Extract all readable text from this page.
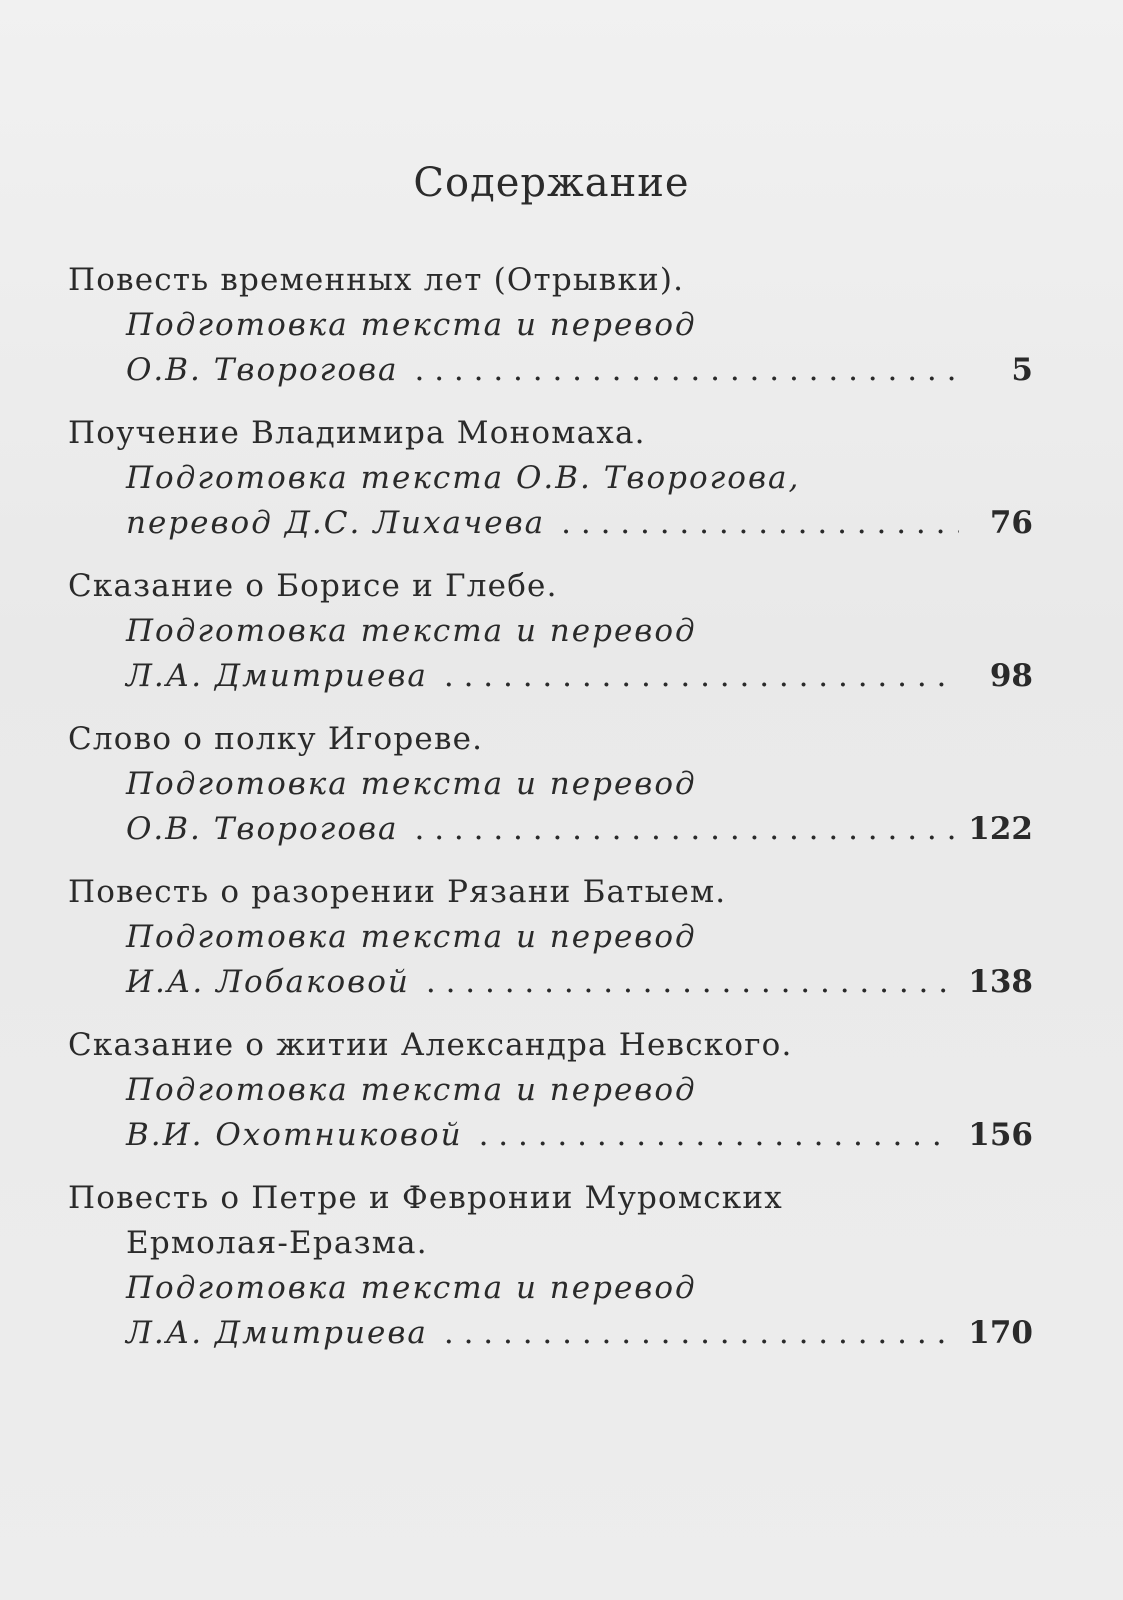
Содержание
Повесть временных лет (Отрывки).
Подготовка текста и перевод
О.В. Творогова . . .	5
Поучение Владимира Мономаха.
Подготовка текста О.В. Творогова,
перевод Д.С. Лихачева . . .	76
Сказание о Борисе и Глебе.
Подготовка текста и перевод
Л.А. Дмитриева . . .	98
Слово о полку Игореве.
Подготовка текста и перевод
О.В. Творогова . . .	122
Повесть о разорении Рязани Батыем.
Подготовка текста и перевод
И.А. Лобаковой . . .	138
Сказание о житии Александра Невского.
Подготовка текста и перевод
В.И. Охотниковой . . .	156
Повесть о Петре и Февронии Муромских
Ермолая-Еразма.
Подготовка текста и перевод
Л.А. Дмитриева . . .	170
